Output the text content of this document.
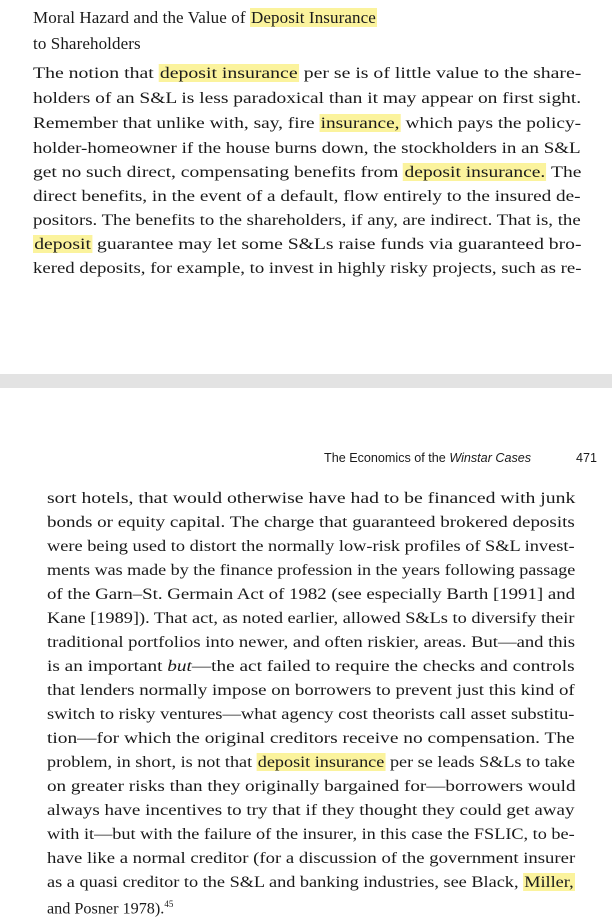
Moral Hazard and the Value of Deposit Insurance
to Shareholders
The notion that deposit insurance per se is of little value to the share-
holders of an S&L is less paradoxical than it may appear on first sight.
Remember that unlike with, say, fire insurance, which pays the policy-
holder-homeowner if the house burns down, the stockholders in an S&L
get no such direct, compensating benefits from deposit insurance. The
direct benefits, in the event of a default, flow entirely to the insured de-
positors. The benefits to the shareholders, if any, are indirect. That is, the
deposit guarantee may let some S&Ls raise funds via guaranteed bro-
kered deposits, for example, to invest in highly risky projects, such as re-
The Economics of the Winstar Cases	471
sort hotels, that would otherwise have had to be financed with junk
bonds or equity capital. The charge that guaranteed brokered deposits
were being used to distort the normally low-risk profiles of S&L invest-
ments was made by the finance profession in the years following passage
of the Garn–St. Germain Act of 1982 (see especially Barth [1991] and
Kane [1989]). That act, as noted earlier, allowed S&Ls to diversify their
traditional portfolios into newer, and often riskier, areas. But—and this
is an important but—the act failed to require the checks and controls
that lenders normally impose on borrowers to prevent just this kind of
switch to risky ventures—what agency cost theorists call asset substitu-
tion—for which the original creditors receive no compensation. The
problem, in short, is not that deposit insurance per se leads S&Ls to take
on greater risks than they originally bargained for—borrowers would
always have incentives to try that if they thought they could get away
with it—but with the failure of the insurer, in this case the FSLIC, to be-
have like a normal creditor (for a discussion of the government insurer
as a quasi creditor to the S&L and banking industries, see Black, Miller,
and Posner 1978).$^{45}$
